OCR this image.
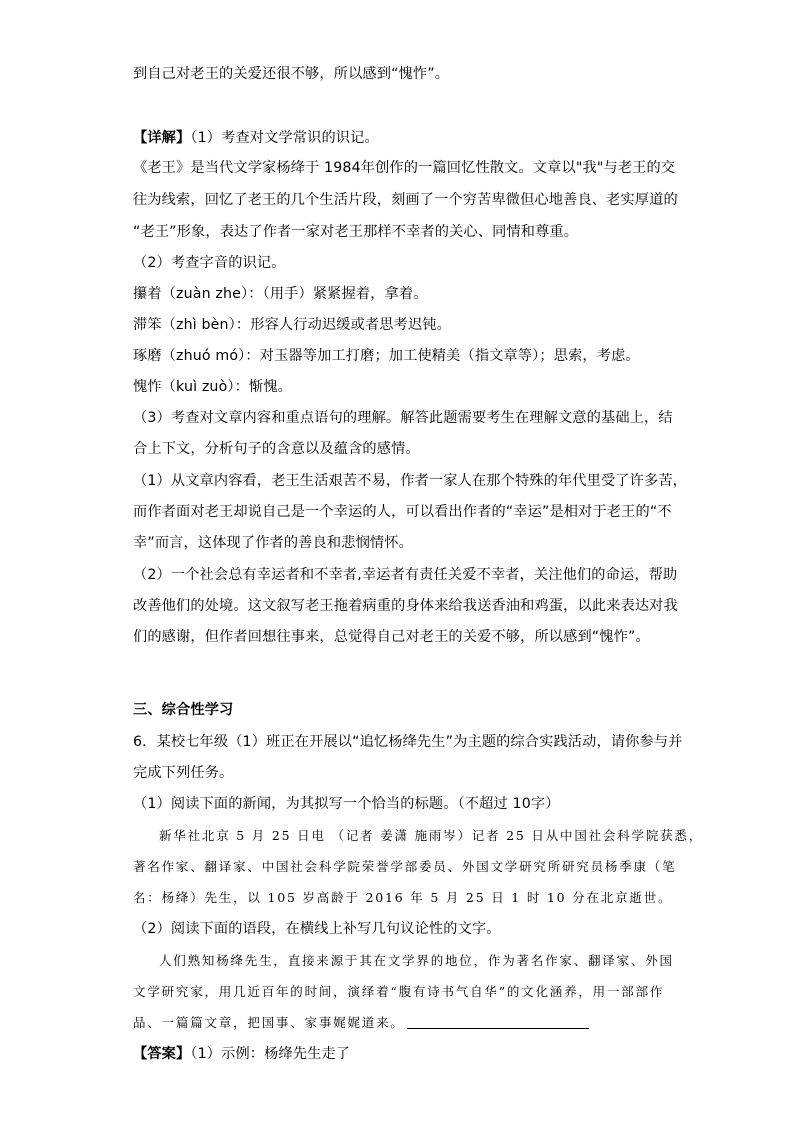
到自己对老王的关爱还很不够，所以感到“愧怍”。
【详解】（1）考查对文学常识的识记。
《老王》是当代文学家杨绛于 1984年创作的一篇回忆性散文。文章以"我"与老王的交
往为线索，回忆了老王的几个生活片段，刻画了一个穷苦卑微但心地善良、老实厚道的
“老王”形象，表达了作者一家对老王那样不幸者的关心、同情和尊重。
（2）考查字音的识记。
攥着（zuàn zhe）：（用手）紧紧握着，拿着。
滞笨（zhì bèn）：形容人行动迟缓或者思考迟钝。
琢磨（zhuó mó）：对玉器等加工打磨；加工使精美（指文章等）；思索，考虑。
愧怍（kuì zuò）：惭愧。
（3）考查对文章内容和重点语句的理解。解答此题需要考生在理解文意的基础上，结
合上下文，分析句子的含意以及蕴含的感情。
（1）从文章内容看，老王生活艰苦不易，作者一家人在那个特殊的年代里受了许多苦，
而作者面对老王却说自己是一个幸运的人，可以看出作者的“幸运”是相对于老王的“不
幸”而言，这体现了作者的善良和悲悯情怀。
（2）一个社会总有幸运者和不幸者,幸运者有责任关爱不幸者，关注他们的命运，帮助
改善他们的处境。这文叙写老王拖着病重的身体来给我送香油和鸡蛋，以此来表达对我
们的感谢，但作者回想往事来，总觉得自己对老王的关爱不够，所以感到“愧怍”。
三、综合性学习
6．某校七年级（1）班正在开展以“追忆杨绛先生”为主题的综合实践活动，请你参与并
完成下列任务。
（1）阅读下面的新闻，为其拟写一个恰当的标题。（不超过 10字）
新华社北京 5 月 25 日电 （记者 姜潇 施雨岑）记者 25 日从中国社会科学院获悉，
著名作家、翻译家、中国社会科学院荣誉学部委员、外国文学研究所研究员杨季康（笔
名：杨绛）先生，以 105 岁高龄于 2016 年 5 月 25 日 1 时 10 分在北京逝世。
（2）阅读下面的语段，在横线上补写几句议论性的文字。
人们熟知杨绛先生，直接来源于其在文学界的地位，作为著名作家、翻译家、外国
文学研究家，用几近百年的时间，演绎着“腹有诗书气自华”的文化涵养，用一部部作
品、一篇篇文章，把国事、家事娓娓道来。
【答案】（1）示例：杨绛先生走了
